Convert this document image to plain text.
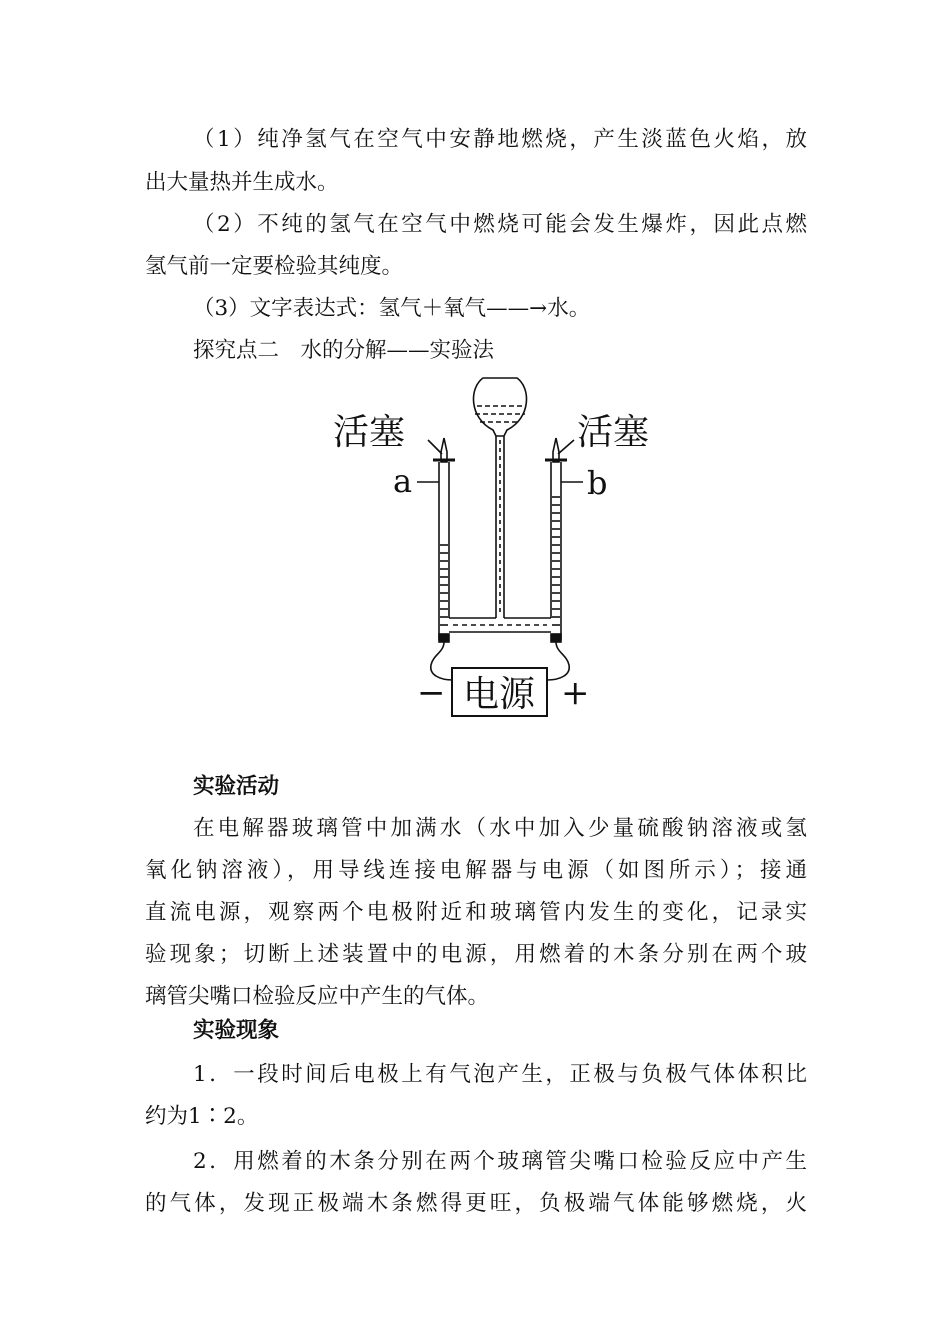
（1）纯净氢气在空气中安静地燃烧，产生淡蓝色火焰，放
出大量热并生成水。
（2）不纯的氢气在空气中燃烧可能会发生爆炸，因此点燃
氢气前一定要检验其纯度。
（3）文字表达式：氢气＋氧气——→水。
探究点二　水的分解——实验法
活塞	活塞
a	b
电源
−	+
实验活动
在电解器玻璃管中加满水（水中加入少量硫酸钠溶液或氢
氧化钠溶液），用导线连接电解器与电源（如图所示）；接通
直流电源，观察两个电极附近和玻璃管内发生的变化，记录实
验现象；切断上述装置中的电源，用燃着的木条分别在两个玻
璃管尖嘴口检验反应中产生的气体。
实验现象
1．一段时间后电极上有气泡产生，正极与负极气体体积比
约为1∶2。
2．用燃着的木条分别在两个玻璃管尖嘴口检验反应中产生
的气体，发现正极端木条燃得更旺，负极端气体能够燃烧，火
